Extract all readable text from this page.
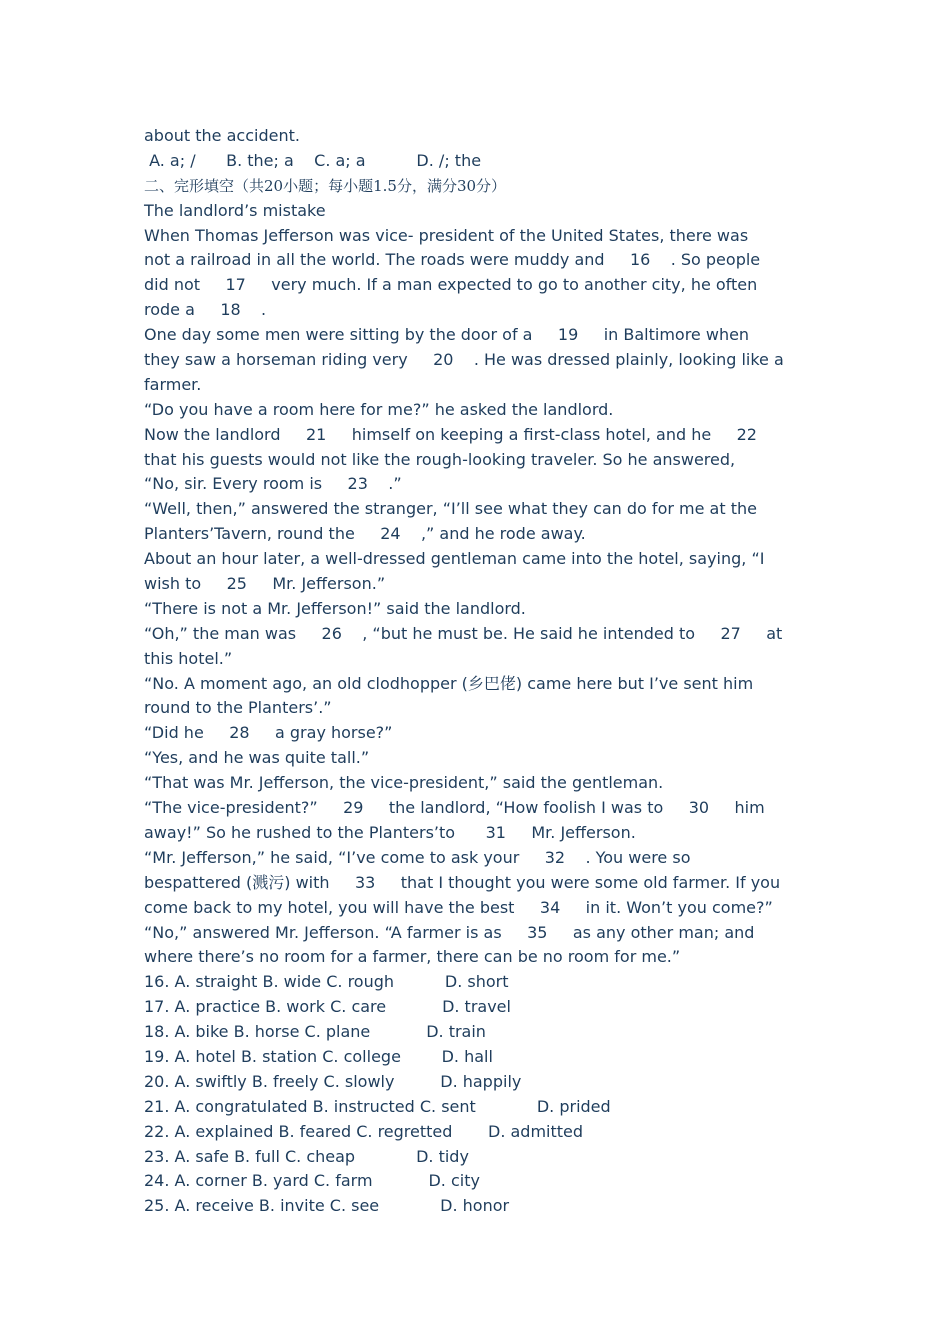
about the accident.
A. a; /      B. the; a    C. a; a          D. /; the
二、完形填空（共20小题；每小题1.5分，满分30分）
The landlord’s mistake
When Thomas Jefferson was vice- president of the United States, there was
not a railroad in all the world. The roads were muddy and     16    . So people
did not     17     very much. If a man expected to go to another city, he often
rode a     18    .
One day some men were sitting by the door of a     19     in Baltimore when
they saw a horseman riding very     20    . He was dressed plainly, looking like a
farmer.
“Do you have a room here for me?” he asked the landlord.
Now the landlord     21     himself on keeping a first-class hotel, and he     22
that his guests would not like the rough-looking traveler. So he answered,
“No, sir. Every room is     23    .”
“Well, then,” answered the stranger, “I’ll see what they can do for me at the
Planters’Tavern, round the     24    ,” and he rode away.
About an hour later, a well-dressed gentleman came into the hotel, saying, “I
wish to     25     Mr. Jefferson.”
“There is not a Mr. Jefferson!” said the landlord.
“Oh,” the man was     26    , “but he must be. He said he intended to     27     at
this hotel.”
“No. A moment ago, an old clodhopper (乡巴佬) came here but I’ve sent him
round to the Planters’.”
“Did he     28     a gray horse?”
“Yes, and he was quite tall.”
“That was Mr. Jefferson, the vice-president,” said the gentleman.
“The vice-president?”     29     the landlord, “How foolish I was to     30     him
away!” So he rushed to the Planters’to      31     Mr. Jefferson.
“Mr. Jefferson,” he said, “I’ve come to ask your     32    . You were so
bespattered (溅污) with     33     that I thought you were some old farmer. If you
come back to my hotel, you will have the best     34     in it. Won’t you come?”
“No,” answered Mr. Jefferson. “A farmer is as     35     as any other man; and
where there’s no room for a farmer, there can be no room for me.”
16. A. straight B. wide C. rough          D. short
17. A. practice B. work C. care           D. travel
18. A. bike B. horse C. plane           D. train
19. A. hotel B. station C. college        D. hall
20. A. swiftly B. freely C. slowly         D. happily
21. A. congratulated B. instructed C. sent            D. prided
22. A. explained B. feared C. regretted       D. admitted
23. A. safe B. full C. cheap            D. tidy
24. A. corner B. yard C. farm           D. city
25. A. receive B. invite C. see            D. honor
